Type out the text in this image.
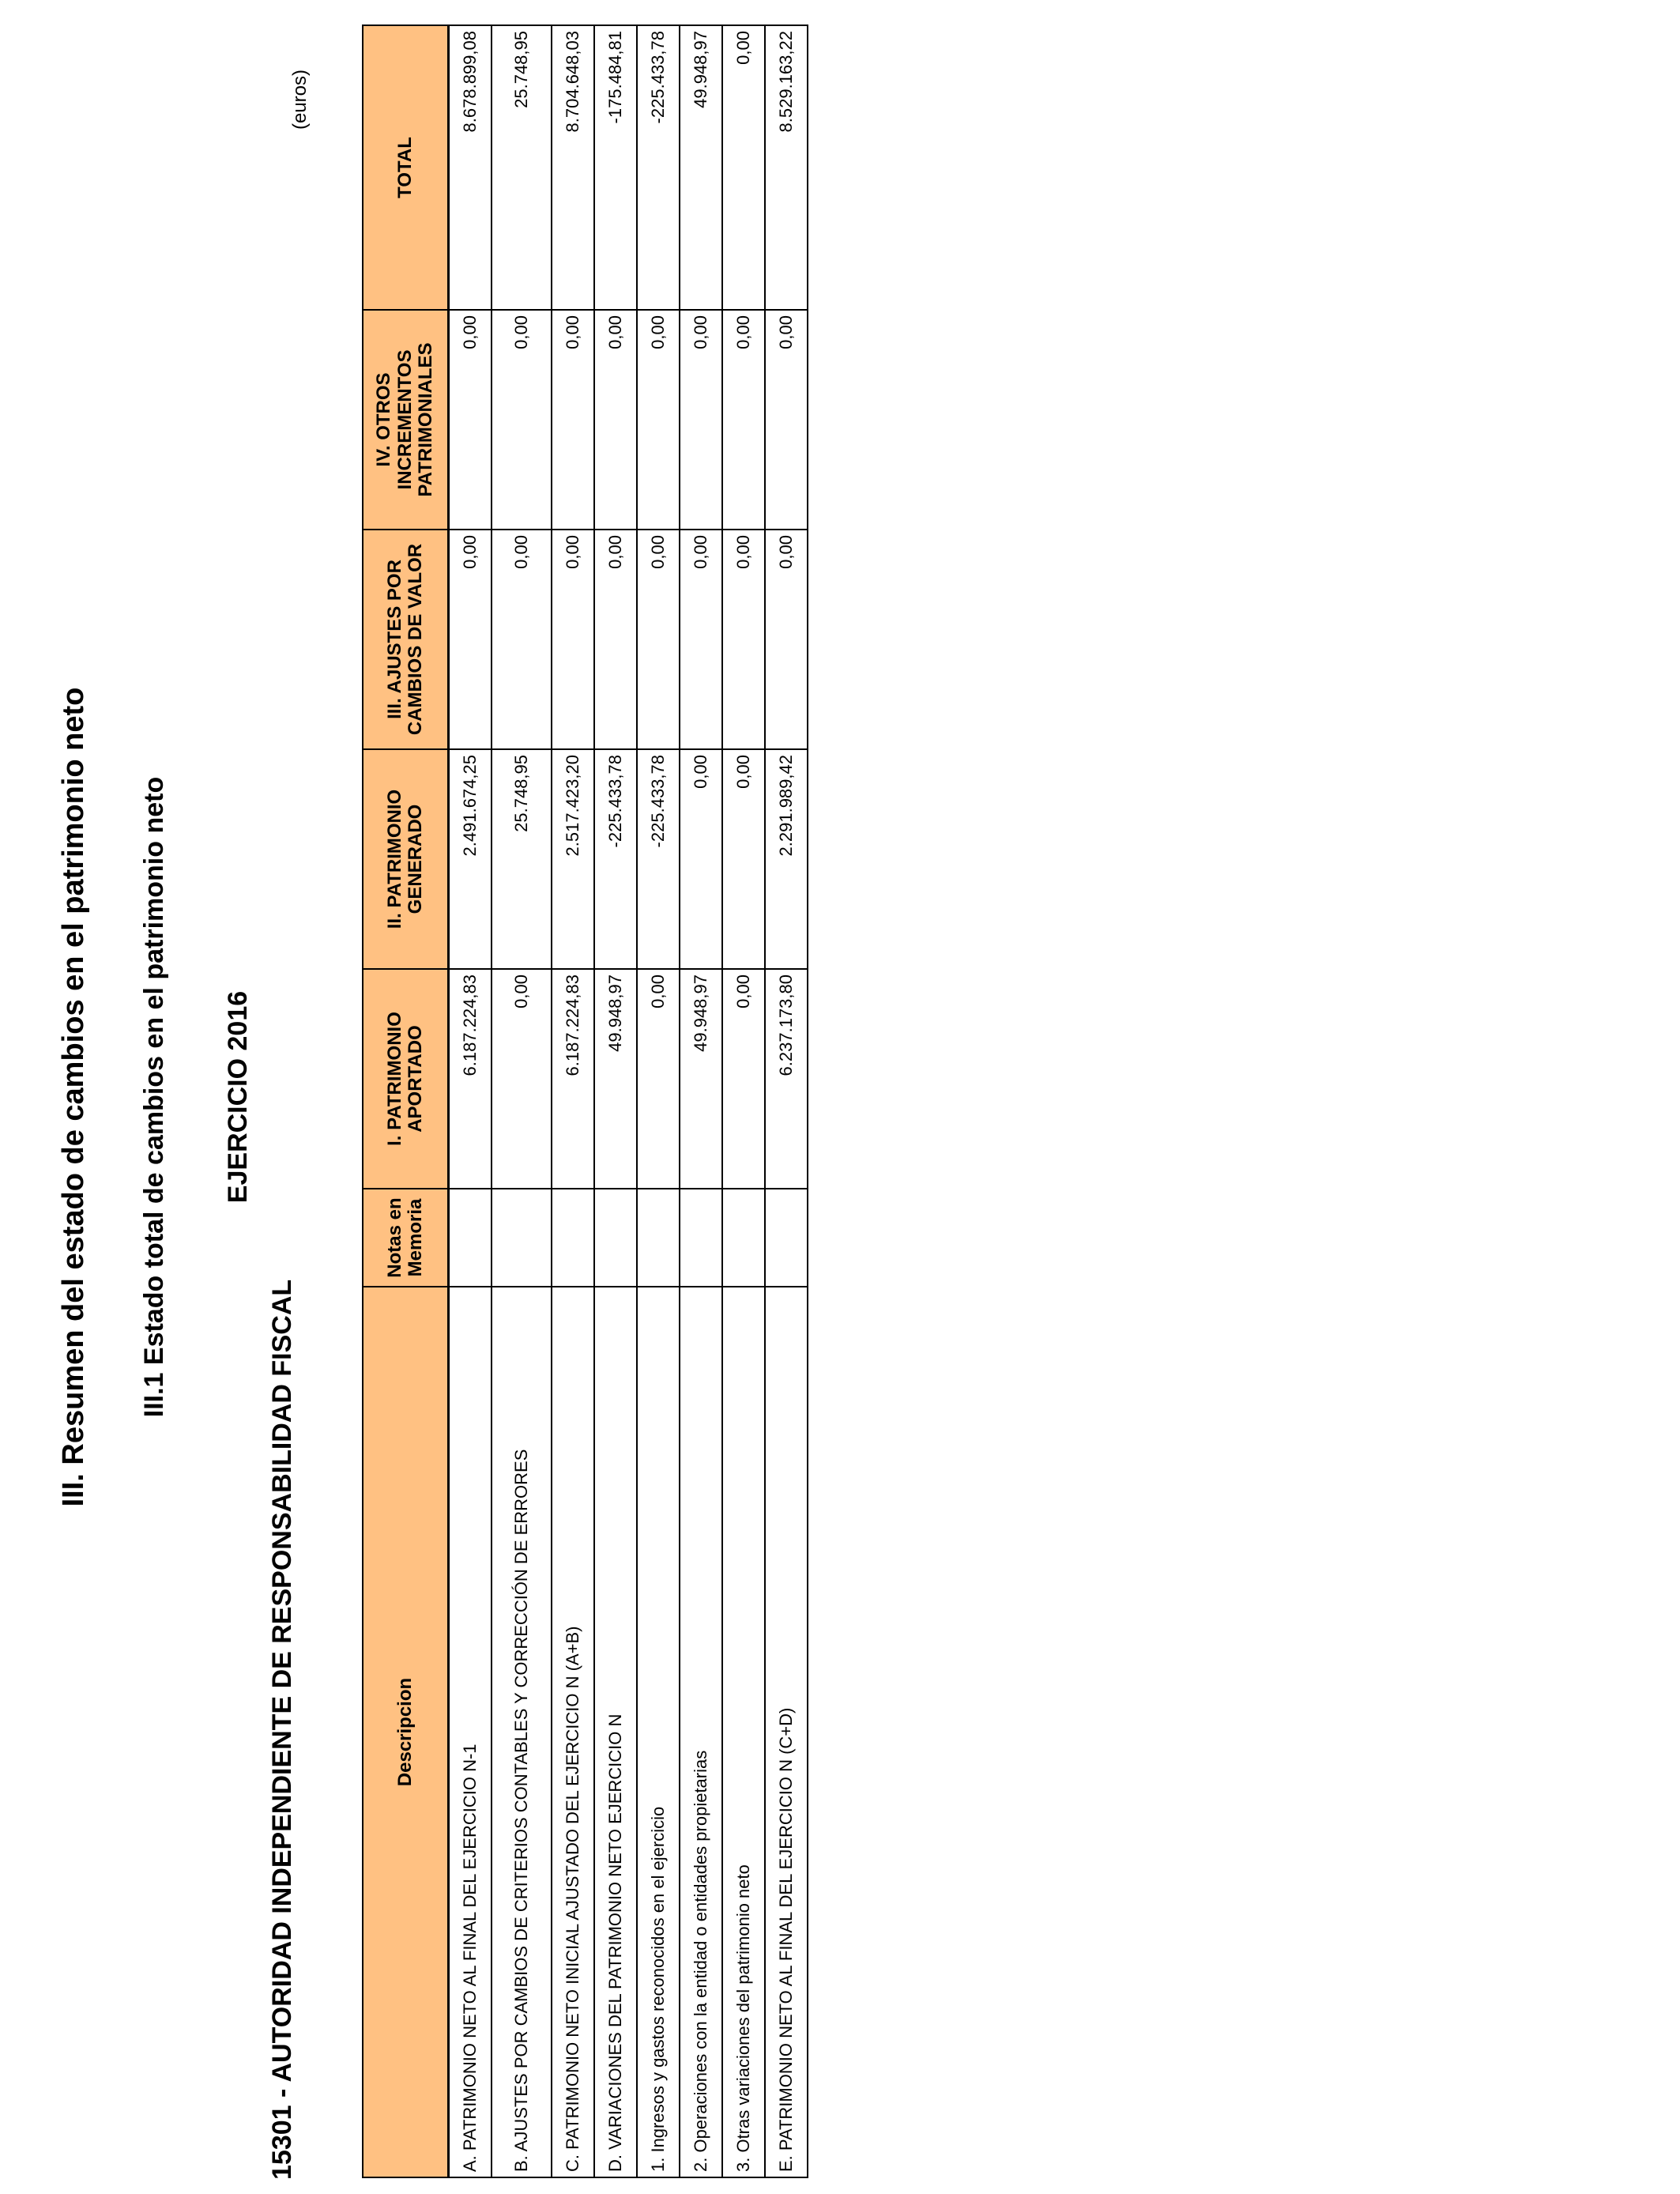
III. Resumen del estado de cambios en el patrimonio neto III.1 Estado total de cambios en el patrimonio neto EJERCICIO 2016
15301 - AUTORIDAD INDEPENDIENTE DE RESPONSABILIDAD FISCAL
(euros)
Descripcion	Notas en Memoria	I. PATRIMONIO APORTADO	II. PATRIMONIO GENERADO	III. AJUSTES POR CAMBIOS DE VALOR	IV. OTROS INCREMENTOS PATRIMONIALES	TOTAL
A. PATRIMONIO NETO AL FINAL DEL EJERCICIO N-1		6.187.224,83	2.491.674,25	0,00	0,00	8.678.899,08
B. AJUSTES POR CAMBIOS DE CRITERIOS CONTABLES Y CORRECCIÓN DE ERRORES		0,00	25.748,95	0,00	0,00	25.748,95
C. PATRIMONIO NETO INICIAL AJUSTADO DEL EJERCICIO N (A+B)		6.187.224,83	2.517.423,20	0,00	0,00	8.704.648,03
D. VARIACIONES DEL PATRIMONIO NETO EJERCICIO N		49.948,97	-225.433,78	0,00	0,00	-175.484,81
1. Ingresos y gastos reconocidos en el ejercicio		0,00	-225.433,78	0,00	0,00	-225.433,78
2. Operaciones con la entidad o entidades propietarias		49.948,97	0,00	0,00	0,00	49.948,97
3. Otras variaciones del patrimonio neto		0,00	0,00	0,00	0,00	0,00
E. PATRIMONIO NETO AL FINAL DEL EJERCICIO N (C+D)		6.237.173,80	2.291.989,42	0,00	0,00	8.529.163,22
